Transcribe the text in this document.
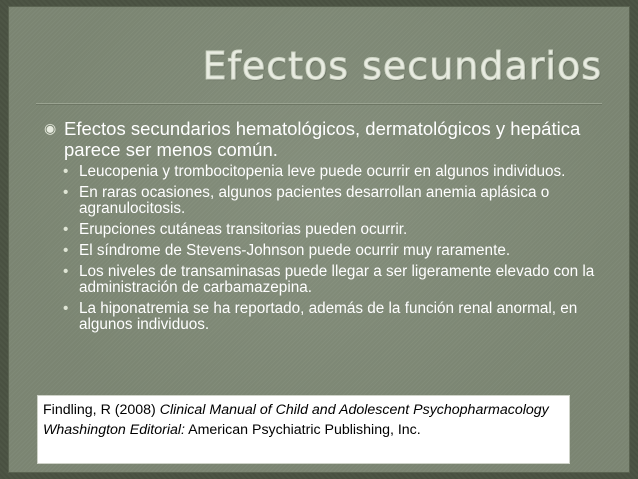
Efectos secundarios
◉ Efectos secundarios hematológicos, dermatológicos y hepática parece ser menos común.
• Leucopenia y trombocitopenia leve puede ocurrir en algunos individuos.
• En raras ocasiones, algunos pacientes desarrollan anemia aplásica o agranulocitosis.
• Erupciones cutáneas transitorias pueden ocurrir.
• El síndrome de Stevens-Johnson puede ocurrir muy raramente.
• Los niveles de transaminasas puede llegar a ser ligeramente elevado con la administración de carbamazepina.
• La hiponatremia se ha reportado, además de la función renal anormal, en algunos individuos.
Findling, R (2008) Clinical Manual of Child and Adolescent Psychopharmacology Whashington Editorial: American Psychiatric Publishing, Inc.
